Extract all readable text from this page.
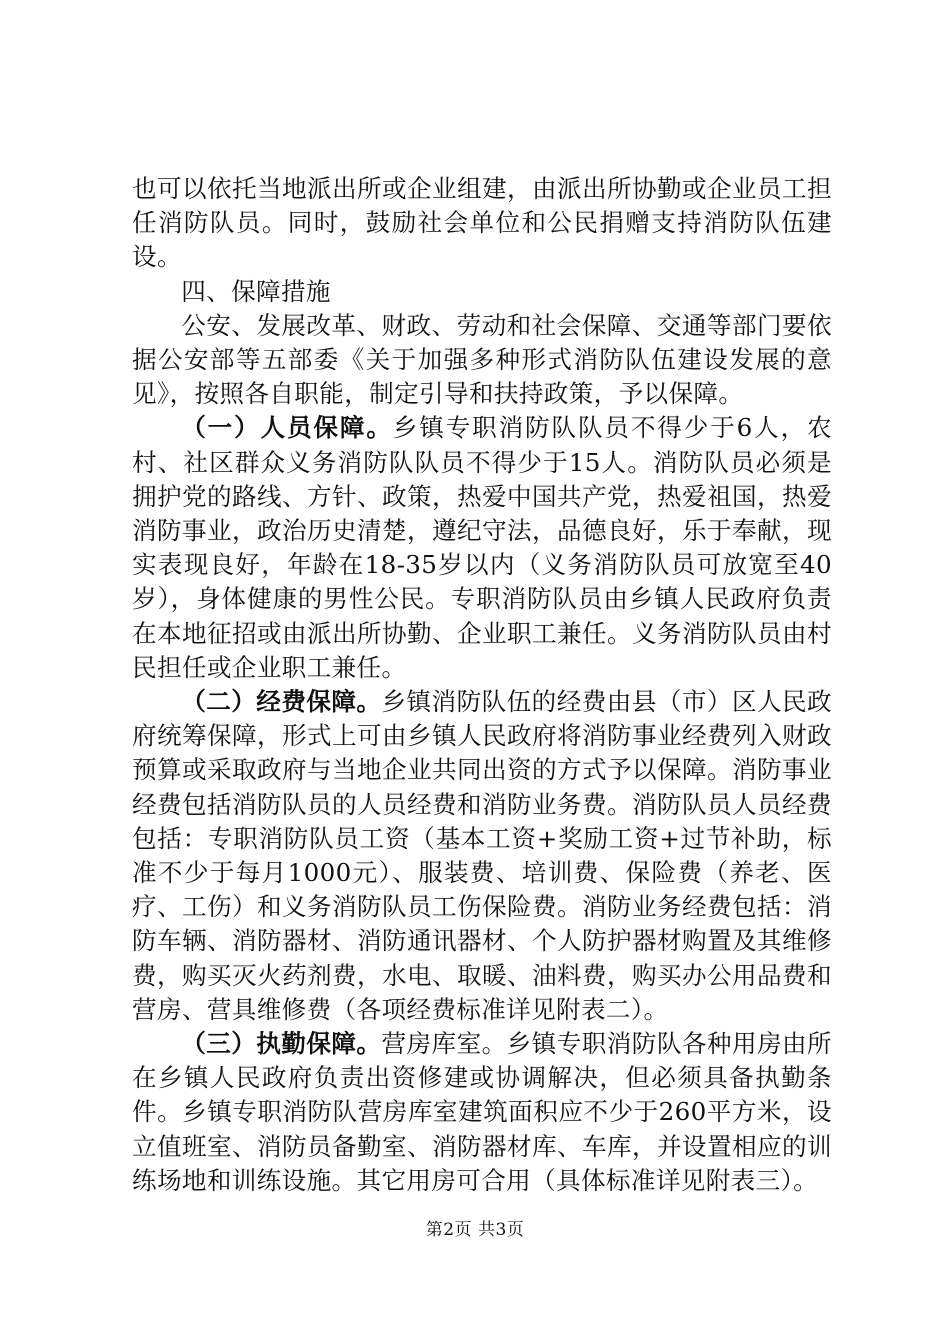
也可以依托当地派出所或企业组建，由派出所协勤或企业员工担任消防队员。同时，鼓励社会单位和公民捐赠支持消防队伍建设。

四、保障措施

公安、发展改革、财政、劳动和社会保障、交通等部门要依据公安部等五部委《关于加强多种形式消防队伍建设发展的意见》，按照各自职能，制定引导和扶持政策，予以保障。

（一）人员保障。乡镇专职消防队队员不得少于6人，农村、社区群众义务消防队队员不得少于15人。消防队员必须是拥护党的路线、方针、政策，热爱中国共产党，热爱祖国，热爱消防事业，政治历史清楚，遵纪守法，品德良好，乐于奉献，现实表现良好，年龄在18-35岁以内（义务消防队员可放宽至40岁），身体健康的男性公民。专职消防队员由乡镇人民政府负责在本地征招或由派出所协勤、企业职工兼任。义务消防队员由村民担任或企业职工兼任。

（二）经费保障。乡镇消防队伍的经费由县（市）区人民政府统筹保障，形式上可由乡镇人民政府将消防事业经费列入财政预算或采取政府与当地企业共同出资的方式予以保障。消防事业经费包括消防队员的人员经费和消防业务费。消防队员人员经费包括：专职消防队员工资（基本工资+奖励工资+过节补助，标准不少于每月1000元）、服装费、培训费、保险费（养老、医疗、工伤）和义务消防队员工伤保险费。消防业务经费包括：消防车辆、消防器材、消防通讯器材、个人防护器材购置及其维修费，购买灭火药剂费，水电、取暖、油料费，购买办公用品费和营房、营具维修费（各项经费标准详见附表二）。

（三）执勤保障。营房库室。乡镇专职消防队各种用房由所在乡镇人民政府负责出资修建或协调解决，但必须具备执勤条件。乡镇专职消防队营房库室建筑面积应不少于260平方米，设立值班室、消防员备勤室、消防器材库、车库，并设置相应的训练场地和训练设施。其它用房可合用（具体标准详见附表三）。

第2页 共3页
